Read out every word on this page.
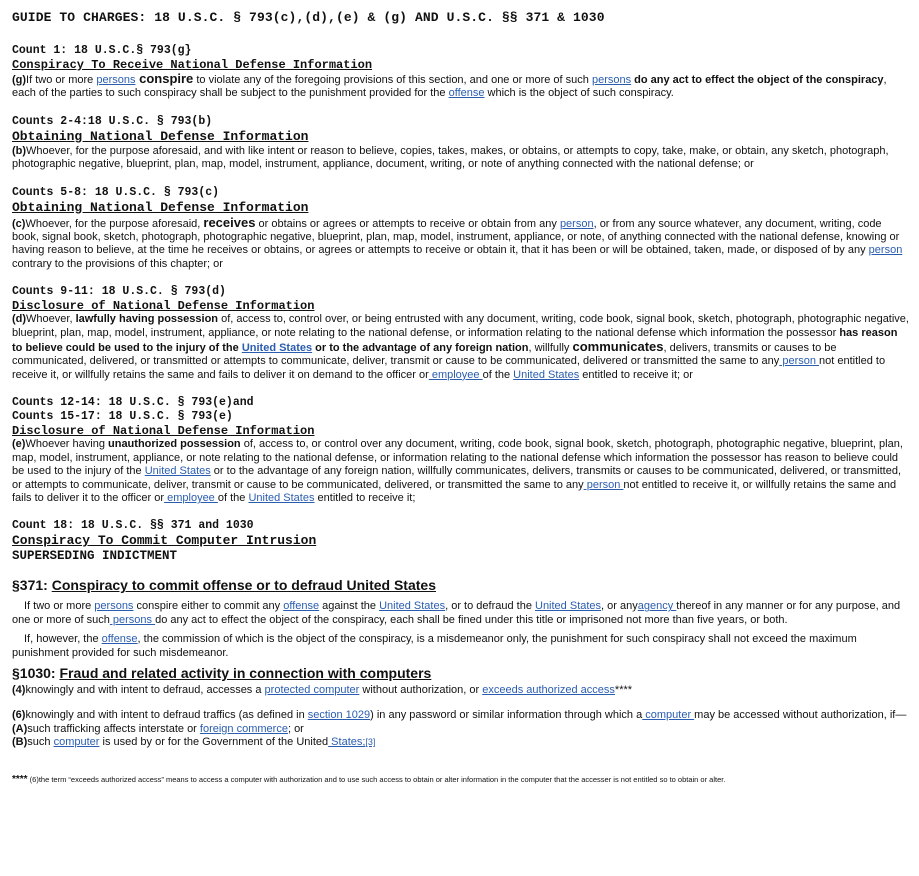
GUIDE TO CHARGES: 18 U.S.C. § 793(c),(d),(e) & (g) AND U.S.C. §§ 371 & 1030
Count 1: 18 U.S.C.§ 793(g}
Conspiracy To Receive National Defense Information

(g)If two or more persons conspire to violate any of the foregoing provisions of this section, and one or more of such persons do any act to effect the object of the conspiracy, each of the parties to such conspiracy shall be subject to the punishment provided for the offense which is the object of such conspiracy.

Counts 2-4:18 U.S.C. § 793(b)
Obtaining National Defense Information

(b)Whoever, for the purpose aforesaid, and with like intent or reason to believe, copies, takes, makes, or obtains, or attempts to copy, take, make, or obtain, any sketch, photograph, photographic negative, blueprint, plan, map, model, instrument, appliance, document, writing, or note of anything connected with the national defense; or

Counts 5-8: 18 U.S.C. § 793(c)
Obtaining National Defense Information

(c)Whoever, for the purpose aforesaid, receives or obtains or agrees or attempts to receive or obtain from any person, or from any source whatever, any document, writing, code book, signal book, sketch, photograph, photographic negative, blueprint, plan, map, model, instrument, appliance, or note, of anything connected with the national defense, knowing or having reason to believe, at the time he receives or obtains, or agrees or attempts to receive or obtain it, that it has been or will be obtained, taken, made, or disposed of by any person contrary to the provisions of this chapter; or

Counts 9-11: 18 U.S.C. § 793(d)
Disclosure of National Defense Information

(d)Whoever, lawfully having possession of, access to, control over, or being entrusted with any document, writing, code book, signal book, sketch, photograph, photographic negative, blueprint, plan, map, model, instrument, appliance, or note relating to the national defense, or information relating to the national defense which information the possessor has reason to believe could be used to the injury of the United States or to the advantage of any foreign nation, willfully communicates, delivers, transmits or causes to be communicated, delivered, or transmitted or attempts to communicate, deliver, transmit or cause to be communicated, delivered or transmitted the same to any person not entitled to receive it, or willfully retains the same and fails to deliver it on demand to the officer or employee of the United States entitled to receive it; or

Counts 12-14: 18 U.S.C. § 793(e)and
Counts 15-17: 18 U.S.C. § 793(e)
Disclosure of National Defense Information

(e)Whoever having unauthorized possession of, access to, or control over any document, writing, code book, signal book, sketch, photograph, photographic negative, blueprint, plan, map, model, instrument, appliance, or note relating to the national defense, or information relating to the national defense which information the possessor has reason to believe could be used to the injury of the United States or to the advantage of any foreign nation, willfully communicates, delivers, transmits or causes to be communicated, delivered, or transmitted, or attempts to communicate, deliver, transmit or cause to be communicated, delivered, or transmitted the same to any person not entitled to receive it, or willfully retains the same and fails to deliver it to the officer or employee of the United States entitled to receive it;

Count 18: 18 U.S.C. §§ 371 and 1030
Conspiracy To Commit Computer Intrusion
SUPERSEDING INDICTMENT
§371: Conspiracy to commit offense or to defraud United States

If two or more persons conspire either to commit any offense against the United States, or to defraud the United States, or anyagency thereof in any manner or for any purpose, and one or more of such persons do any act to effect the object of the conspiracy, each shall be fined under this title or imprisoned not more than five years, or both.

If, however, the offense, the commission of which is the object of the conspiracy, is a misdemeanor only, the punishment for such conspiracy shall not exceed the maximum punishment provided for such misdemeanor.

§1030: Fraud and related activity in connection with computers

(4)knowingly and with intent to defraud, accesses a protected computer without authorization, or exceeds authorized access****

(6)knowingly and with intent to defraud traffics (as defined in section 1029) in any password or similar information through which a computer may be accessed without authorization, if—

(A)such trafficking affects interstate or foreign commerce; or

(B)such computer is used by or for the Government of the United States;[3]

**** (6)the term “exceeds authorized access” means to access a computer with authorization and to use such access to obtain or alter information in the computer that the accesser is not entitled so to obtain or alter.
